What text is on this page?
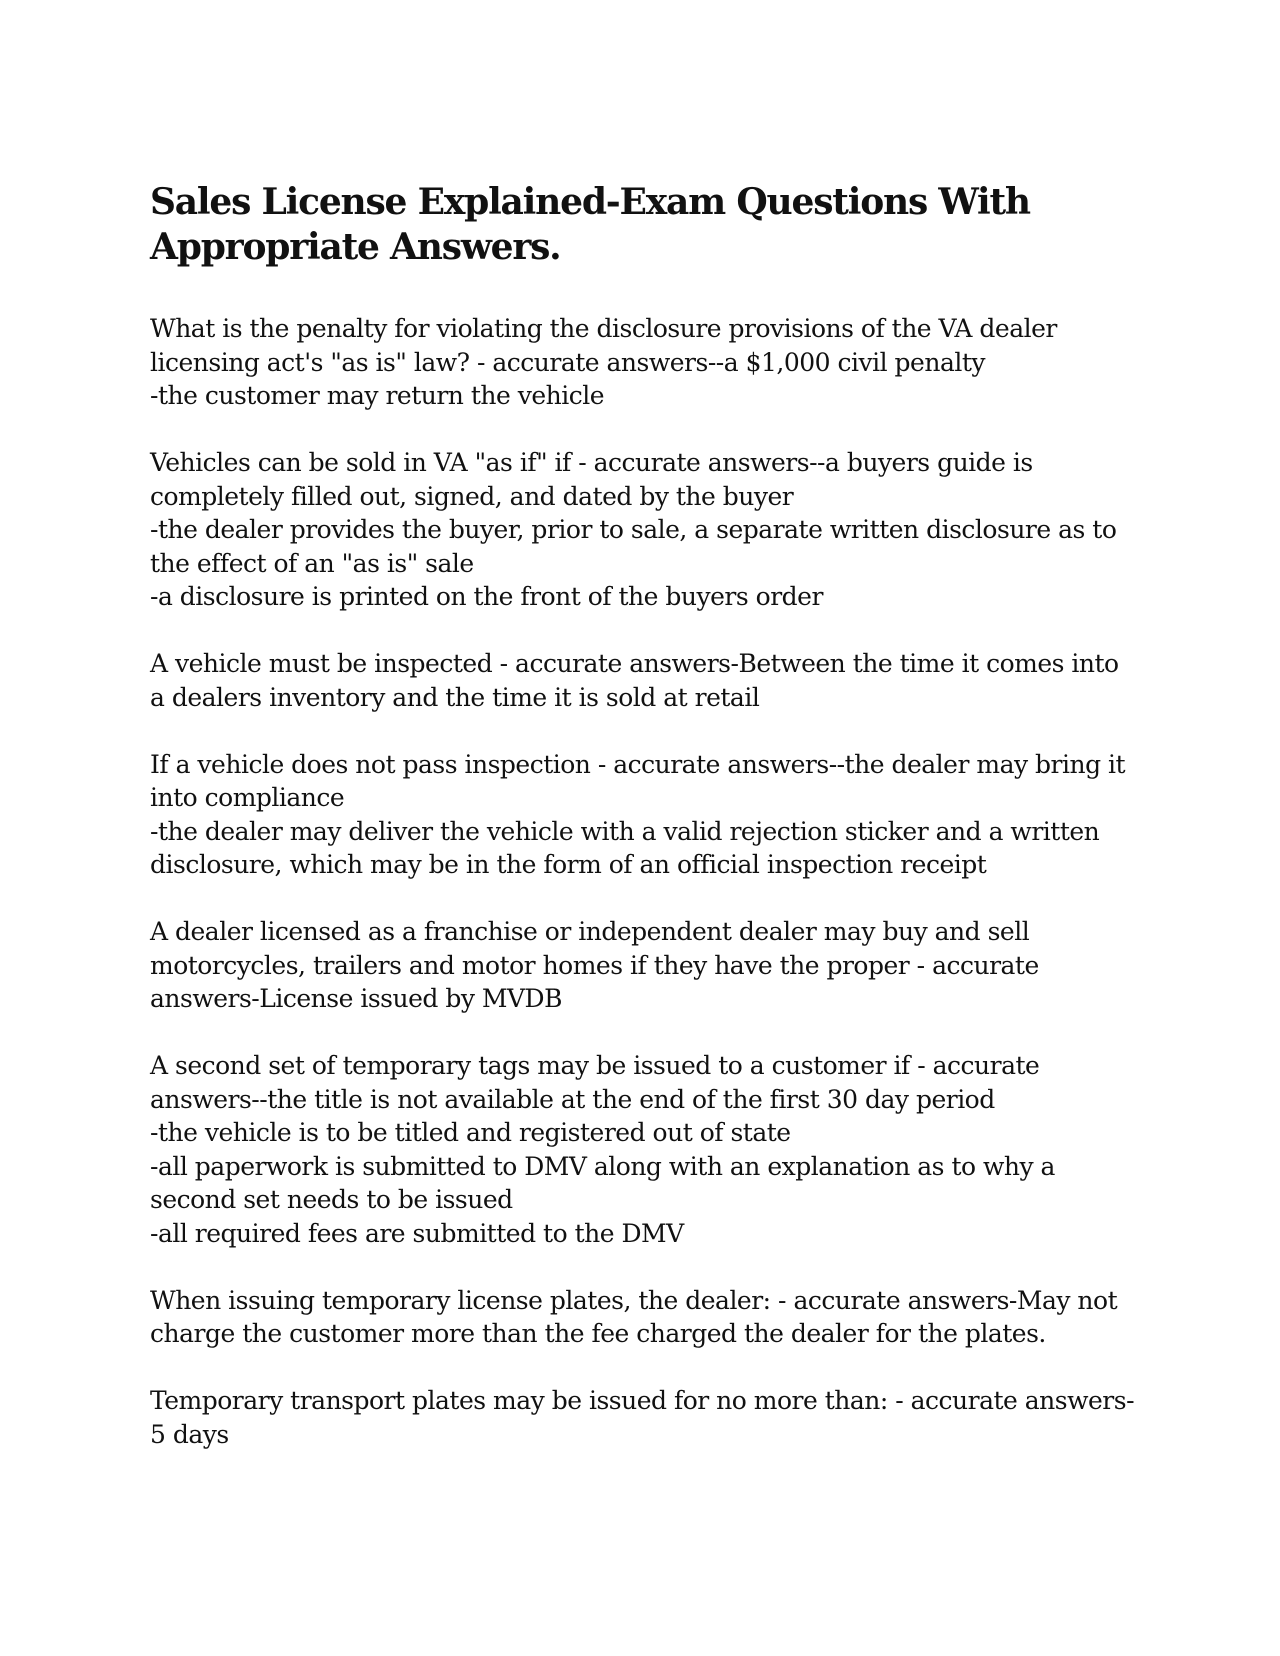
Sales License Explained-Exam Questions With Appropriate Answers.
What is the penalty for violating the disclosure provisions of the VA dealer licensing act's "as is" law? - accurate answers--a $1,000 civil penalty
-the customer may return the vehicle
Vehicles can be sold in VA "as if" if - accurate answers--a buyers guide is completely filled out, signed, and dated by the buyer
-the dealer provides the buyer, prior to sale, a separate written disclosure as to the effect of an "as is" sale
-a disclosure is printed on the front of the buyers order
A vehicle must be inspected - accurate answers-Between the time it comes into a dealers inventory and the time it is sold at retail
If a vehicle does not pass inspection - accurate answers--the dealer may bring it into compliance
-the dealer may deliver the vehicle with a valid rejection sticker and a written disclosure, which may be in the form of an official inspection receipt
A dealer licensed as a franchise or independent dealer may buy and sell motorcycles, trailers and motor homes if they have the proper - accurate answers-License issued by MVDB
A second set of temporary tags may be issued to a customer if - accurate answers--the title is not available at the end of the first 30 day period
-the vehicle is to be titled and registered out of state
-all paperwork is submitted to DMV along with an explanation as to why a second set needs to be issued
-all required fees are submitted to the DMV
When issuing temporary license plates, the dealer: - accurate answers-May not charge the customer more than the fee charged the dealer for the plates.
Temporary transport plates may be issued for no more than: - accurate answers-5 days
